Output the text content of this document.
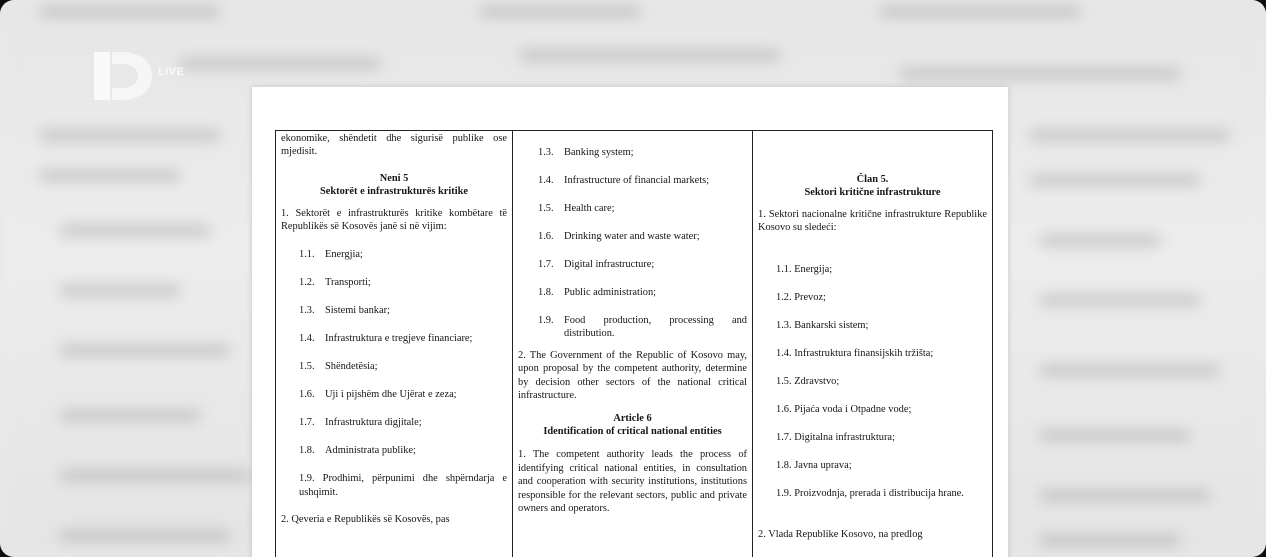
LIVE

ekonomike, shëndetit dhe sigurisë publike ose mjedisit.

Neni 5

Sektorët e infrastrukturës kritike

1. Sektorët e infrastrukturës kritike kombëtare të Republikës së Kosovës janë si në vijim:

1.1. Energjia;
1.2. Transporti;
1.3. Sistemi bankar;
1.4. Infrastruktura e tregjeve financiare;
1.5. Shëndetësia;
1.6. Uji i pijshëm dhe Ujërat e zeza;
1.7. Infrastruktura digjitale;
1.8. Administrata publike;
1.9. Prodhimi, përpunimi dhe shpërndarja e ushqimit.

2. Qeveria e Republikës së Kosovës, pas

1.3. Banking system;
1.4. Infrastructure of financial markets;
1.5. Health care;
1.6. Drinking water and waste water;
1.7. Digital infrastructure;
1.8. Public administration;
1.9. Food production, processing and distribution.

2. The Government of the Republic of Kosovo may, upon proposal by the competent authority, determine by decision other sectors of the national critical infrastructure.

Article 6

Identification of critical national entities

1. The competent authority leads the process of identifying critical national entities, in consultation and cooperation with security institutions, institutions responsible for the relevant sectors, public and private owners and operators.

Član 5.

Sektori kritične infrastrukture

1. Sektori nacionalne kritične infrastrukture Republike Kosovo su sledeći:

1.1. Energija;
1.2. Prevoz;
1.3. Bankarski sistem;
1.4. Infrastruktura finansijskih tržišta;
1.5. Zdravstvo;
1.6. Pijaća voda i Otpadne vode;
1.7. Digitalna infrastruktura;
1.8. Javna uprava;
1.9. Proizvodnja, prerada i distribucija hrane.

2. Vlada Republike Kosovo, na predlog
